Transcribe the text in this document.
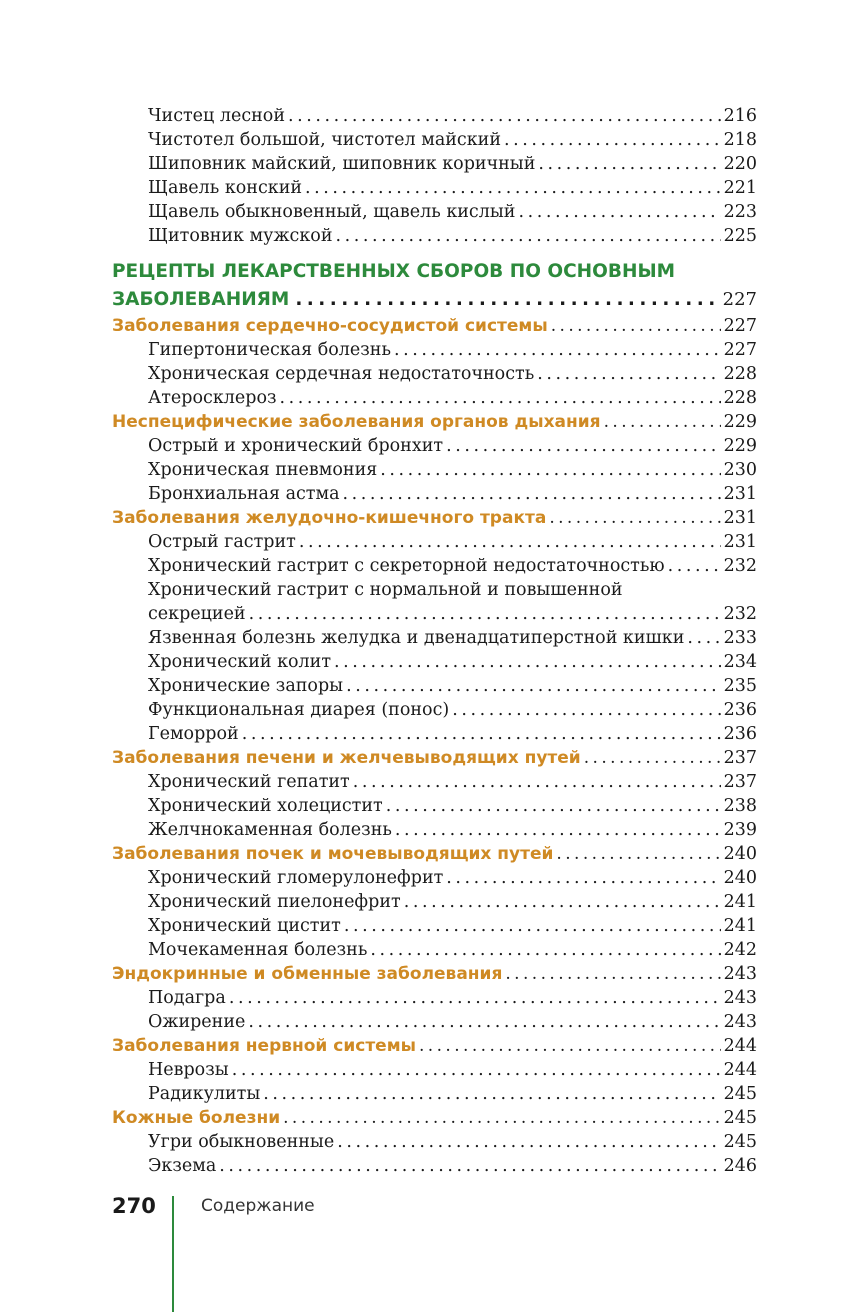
Чистец лесной . . .	216
Чистотел большой, чистотел майский . . .	218
Шиповник майский, шиповник коричный . . .	220
Щавель конский . . .	221
Щавель обыкновенный, щавель кислый . . .	223
Щитовник мужской . . .	225
РЕЦЕПТЫ ЛЕКАРСТВЕННЫХ СБОРОВ ПО ОСНОВНЫМ
ЗАБОЛЕВАНИЯМ . . .	227
Заболевания сердечно-сосудистой системы . . .	227
Гипертоническая болезнь . . .	227
Хроническая сердечная недостаточность . . .	228
Атеросклероз . . .	228
Неспецифические заболевания органов дыхания . . .	229
Острый и хронический бронхит . . .	229
Хроническая пневмония . . .	230
Бронхиальная астма . . .	231
Заболевания желудочно-кишечного тракта . . .	231
Острый гастрит . . .	231
Хронический гастрит с секреторной недостаточностью . . .	232
Хронический гастрит с нормальной и повышенной
секрецией . . .	232
Язвенная болезнь желудка и двенадцатиперстной кишки . . . 233
Хронический колит . . .	234
Хронические запоры . . .	235
Функциональная диарея (понос) . . .	236
Геморрой . . .	236
Заболевания печени и желчевыводящих путей . . .	237
Хронический гепатит . . .	237
Хронический холецистит . . .	238
Желчнокаменная болезнь . . .	239
Заболевания почек и мочевыводящих путей . . .	240
Хронический гломерулонефрит . . .	240
Хронический пиелонефрит . . .	241
Хронический цистит . . .	241
Мочекаменная болезнь . . .	242
Эндокринные и обменные заболевания . . .	243
Подагра . . .	243
Ожирение . . .	243
Заболевания нервной системы . . .	244
Неврозы . . .	244
Радикулиты . . .	245
Кожные болезни . . .	245
Угри обыкновенные . . .	245
Экзема . . .	246
270	Содержание
